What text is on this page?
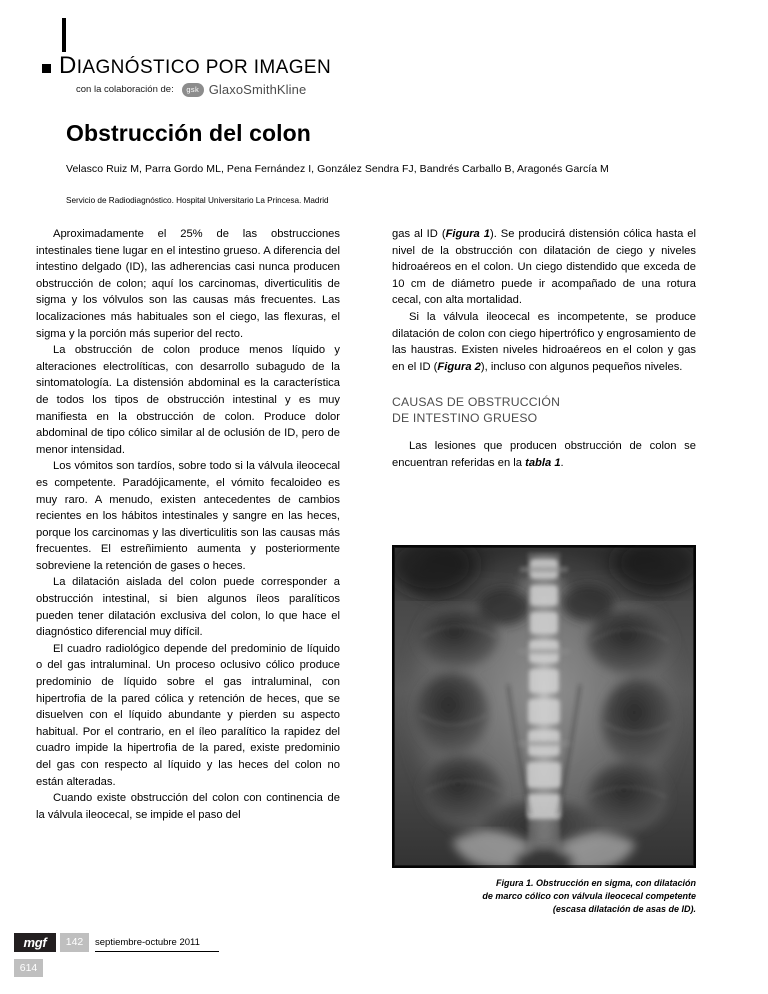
DIAGNÓSTICO POR IMAGEN
con la colaboración de:	gsk GlaxoSmithKline
Obstrucción del colon
Velasco Ruiz M, Parra Gordo ML, Pena Fernández I, González Sendra FJ, Bandrés Carballo B, Aragonés García M
Servicio de Radiodiagnóstico. Hospital Universitario La Princesa. Madrid

Aproximadamente el 25% de las obstrucciones intestinales tiene lugar en el intestino grueso. A diferencia del intestino delgado (ID), las adherencias casi nunca producen obstrucción de colon; aquí los carcinomas, diverticulitis de sigma y los vólvulos son las causas más frecuentes. Las localizaciones más habituales son el ciego, las flexuras, el sigma y la porción más superior del recto.

La obstrucción de colon produce menos líquido y alteraciones electrolíticas, con desarrollo subagudo de la sintomatología. La distensión abdominal es la característica de todos los tipos de obstrucción intestinal y es muy manifiesta en la obstrucción de colon. Produce dolor abdominal de tipo cólico similar al de oclusión de ID, pero de menor intensidad.

Los vómitos son tardíos, sobre todo si la válvula ileocecal es competente. Paradójicamente, el vómito fecaloideo es muy raro. A menudo, existen antecedentes de cambios recientes en los hábitos intestinales y sangre en las heces, porque los carcinomas y las diverticulitis son las causas más frecuentes. El estreñimiento aumenta y posteriormente sobreviene la retención de gases o heces.

La dilatación aislada del colon puede corresponder a obstrucción intestinal, si bien algunos íleos paralíticos pueden tener dilatación exclusiva del colon, lo que hace el diagnóstico diferencial muy difícil.

El cuadro radiológico depende del predominio de líquido o del gas intraluminal. Un proceso oclusivo cólico produce predominio de líquido sobre el gas intraluminal, con hipertrofia de la pared cólica y retención de heces, que se disuelven con el líquido abundante y pierden su aspecto habitual. Por el contrario, en el íleo paralítico la rapidez del cuadro impide la hipertrofia de la pared, existe predominio del gas con respecto al líquido y las heces del colon no están alteradas.

Cuando existe obstrucción del colon con continencia de la válvula ileocecal, se impide el paso del

gas al ID (Figura 1). Se producirá distensión cólica hasta el nivel de la obstrucción con dilatación de ciego y niveles hidroaéreos en el colon. Un ciego distendido que exceda de 10 cm de diámetro puede ir acompañado de una rotura cecal, con alta mortalidad.

Si la válvula ileocecal es incompetente, se produce dilatación de colon con ciego hipertrófico y engrosamiento de las haustras. Existen niveles hidroaéreos en el colon y gas en el ID (Figura 2), incluso con algunos pequeños niveles.

CAUSAS DE OBSTRUCCIÓN
DE INTESTINO GRUESO

Las lesiones que producen obstrucción de colon se encuentran referidas en la tabla 1.

Figura 1. Obstrucción en sigma, con dilatación
de marco cólico con válvula ileocecal competente
(escasa dilatación de asas de ID).
mgf	142	septiembre-octubre 2011
614
